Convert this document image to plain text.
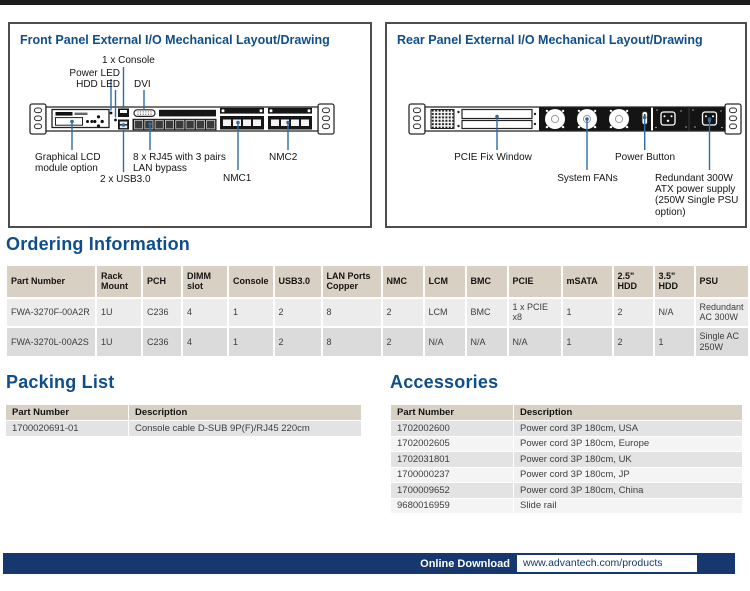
Front Panel External I/O Mechanical Layout/Drawing
1 x Console
Power LED
HDD LED DVI
Graphical LCD module option
8 x RJ45 with 3 pairs LAN bypass
2 x USB3.0	NMC1
NMC2
Rear Panel External I/O Mechanical Layout/Drawing
PCIE Fix Window	Power Button
System FANs	Redundant 300W ATX power supply (250W Single PSU option)
Ordering Information
Part Number	Rack Mount	PCH	DIMM slot	Console	USB3.0	LAN Ports Copper	NMC	LCM	BMC	PCIE	mSATA	2.5" HDD	3.5" HDD	PSU
FWA-3270F-00A2R	1U	C236	4	1	2	8	2	LCM	BMC	1 x PCIE x8	1	2	N/A	Redundant AC 300W
FWA-3270L-00A2S	1U	C236	4	1	2	8	2	N/A	N/A	N/A	1	2	1	Single AC 250W
Packing List
Part Number	Description
1700020691-01	Console cable D-SUB 9P(F)/RJ45 220cm
Accessories
Part Number	Description
1702002600	Power cord 3P 180cm, USA
1702002605	Power cord 3P 180cm, Europe
1702031801	Power cord 3P 180cm, UK
1700000237	Power cord 3P 180cm, JP
1700009652	Power cord 3P 180cm, China
9680016959	Slide rail
Online Download	www.advantech.com/products
